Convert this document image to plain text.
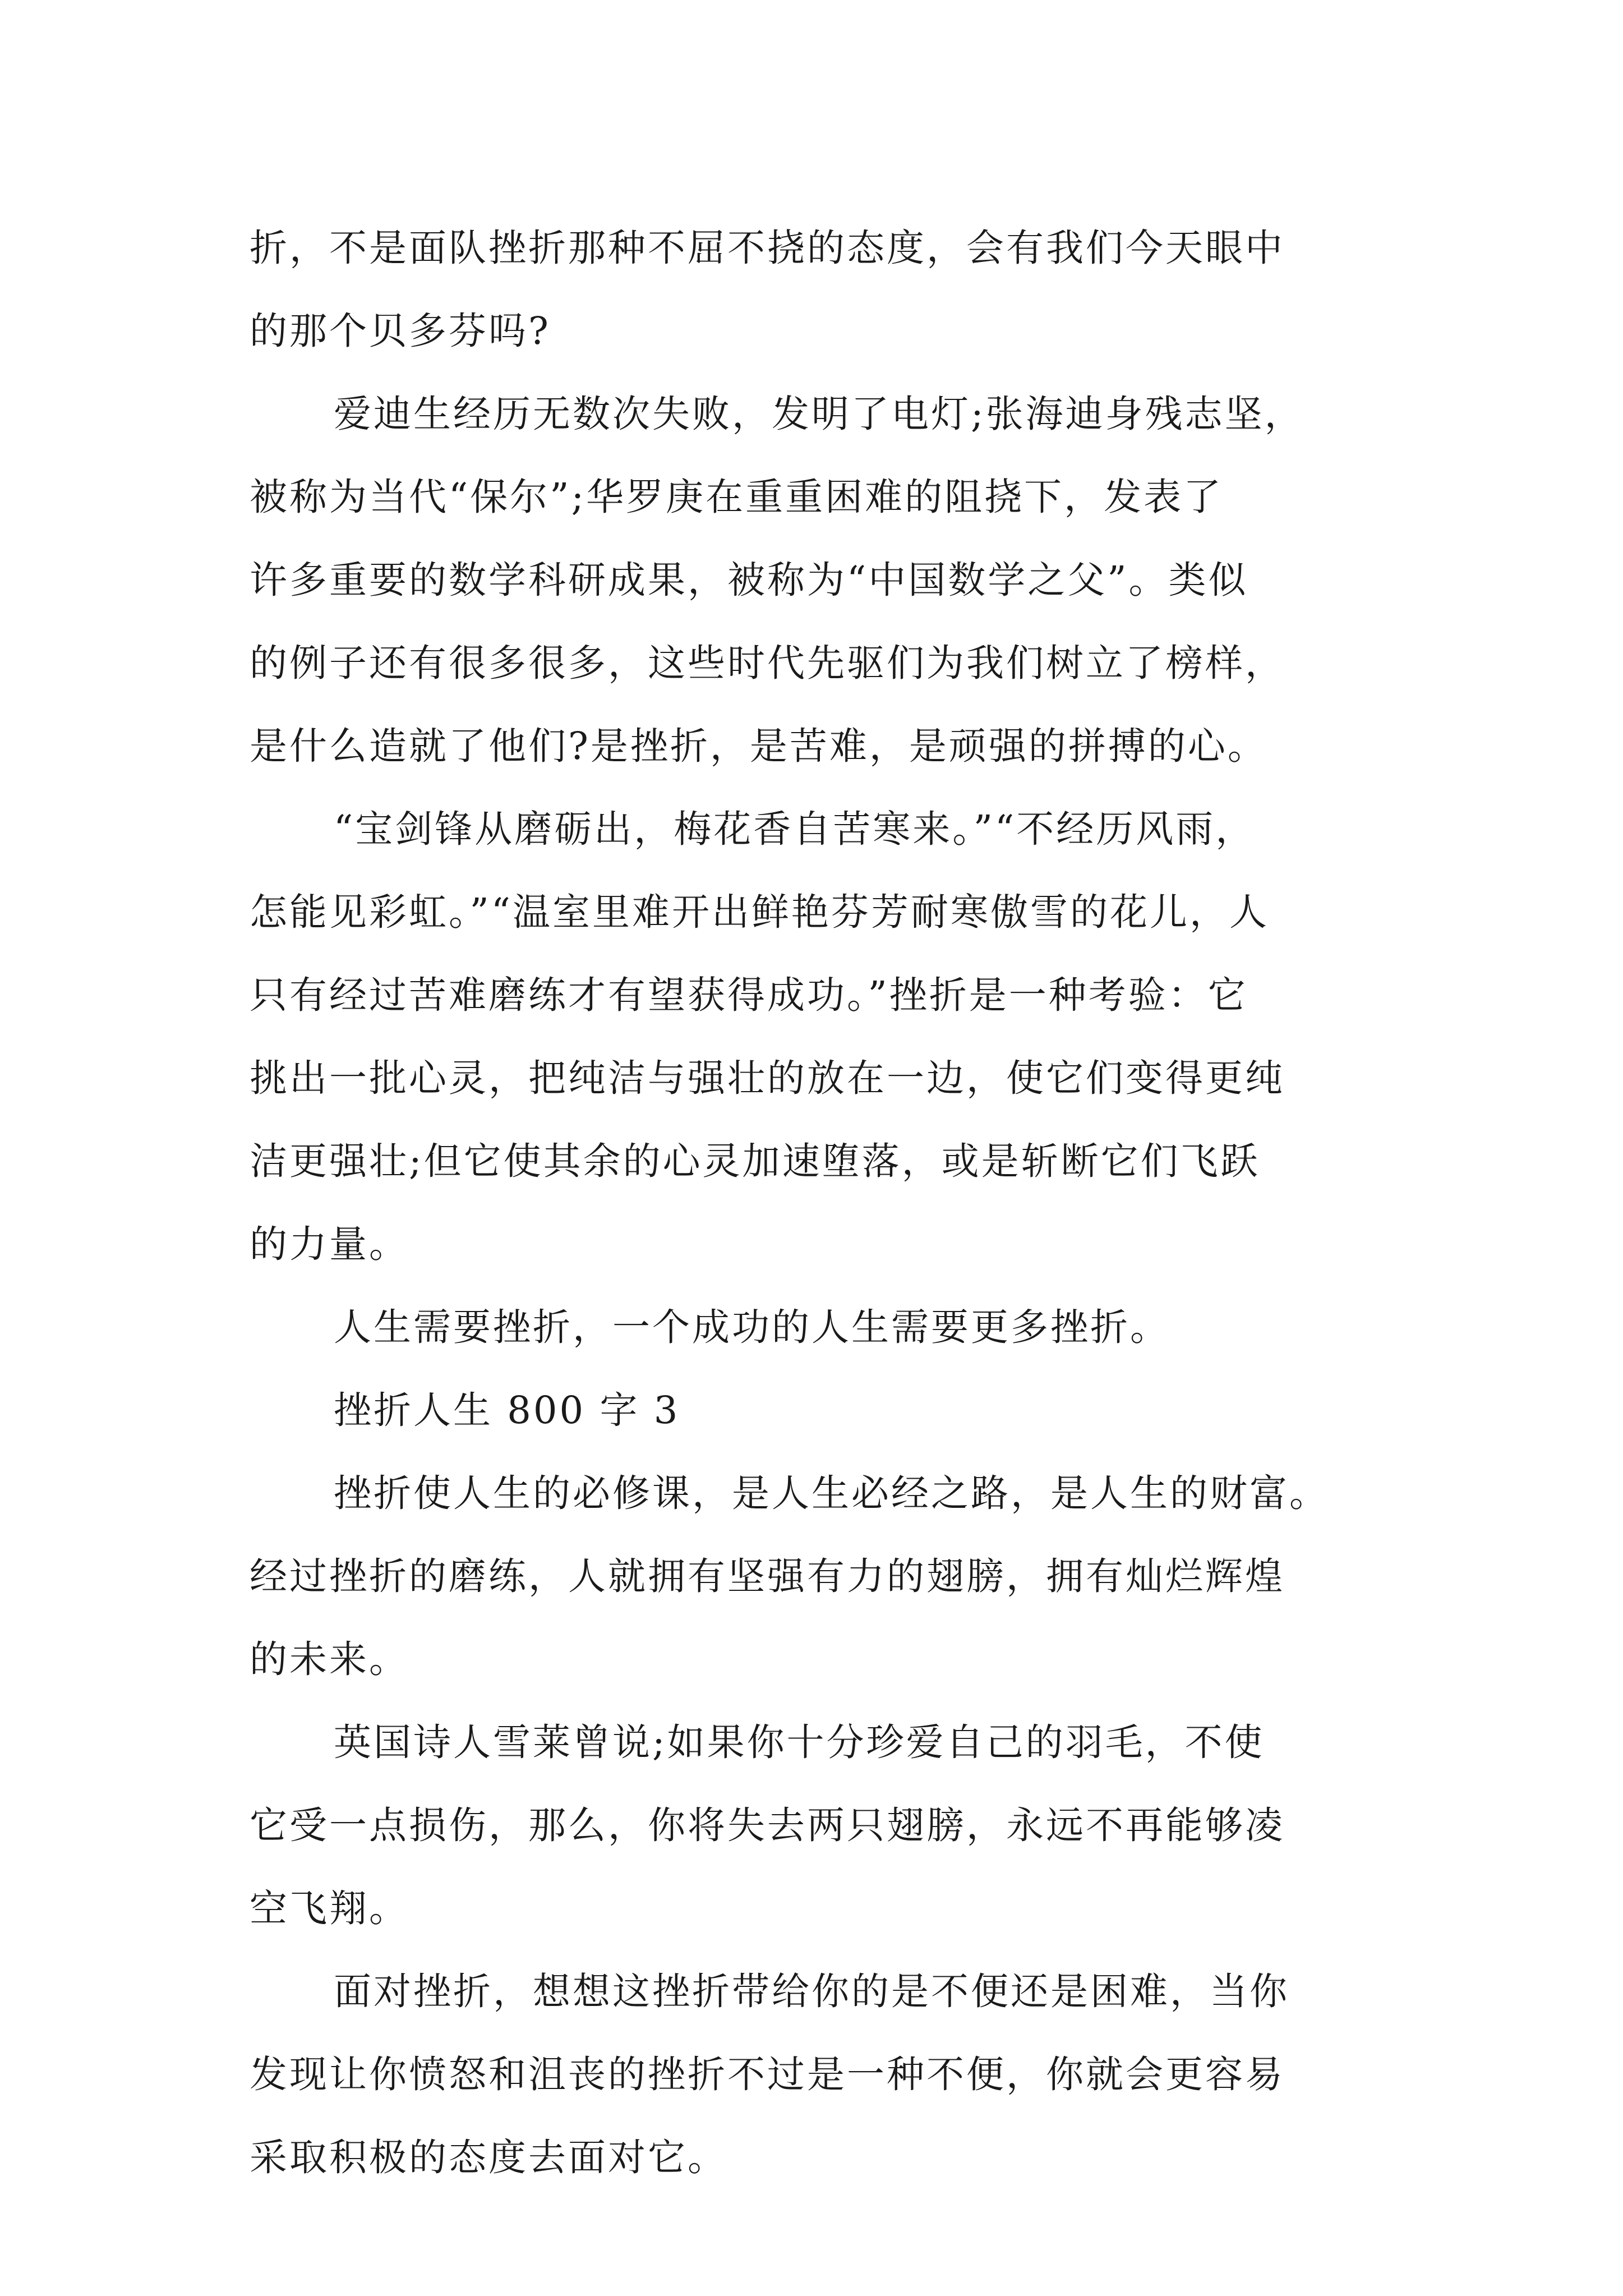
折，不是面队挫折那种不屈不挠的态度，会有我们今天眼中
的那个贝多芬吗?
爱迪生经历无数次失败，发明了电灯;张海迪身残志坚，
被称为当代“保尔”;华罗庚在重重困难的阻挠下，发表了
许多重要的数学科研成果，被称为“中国数学之父”。类似
的例子还有很多很多，这些时代先驱们为我们树立了榜样，
是什么造就了他们?是挫折，是苦难，是顽强的拼搏的心。
“宝剑锋从磨砺出，梅花香自苦寒来。”“不经历风雨，
怎能见彩虹。”“温室里难开出鲜艳芬芳耐寒傲雪的花儿，人
只有经过苦难磨练才有望获得成功。”挫折是一种考验：它
挑出一批心灵，把纯洁与强壮的放在一边，使它们变得更纯
洁更强壮;但它使其余的心灵加速堕落，或是斩断它们飞跃
的力量。
人生需要挫折，一个成功的人生需要更多挫折。
挫折人生 800 字 3
挫折使人生的必修课，是人生必经之路，是人生的财富。
经过挫折的磨练，人就拥有坚强有力的翅膀，拥有灿烂辉煌
的未来。
英国诗人雪莱曾说;如果你十分珍爱自己的羽毛，不使
它受一点损伤，那么，你将失去两只翅膀，永远不再能够凌
空飞翔。
面对挫折，想想这挫折带给你的是不便还是困难，当你
发现让你愤怒和沮丧的挫折不过是一种不便，你就会更容易
采取积极的态度去面对它。
